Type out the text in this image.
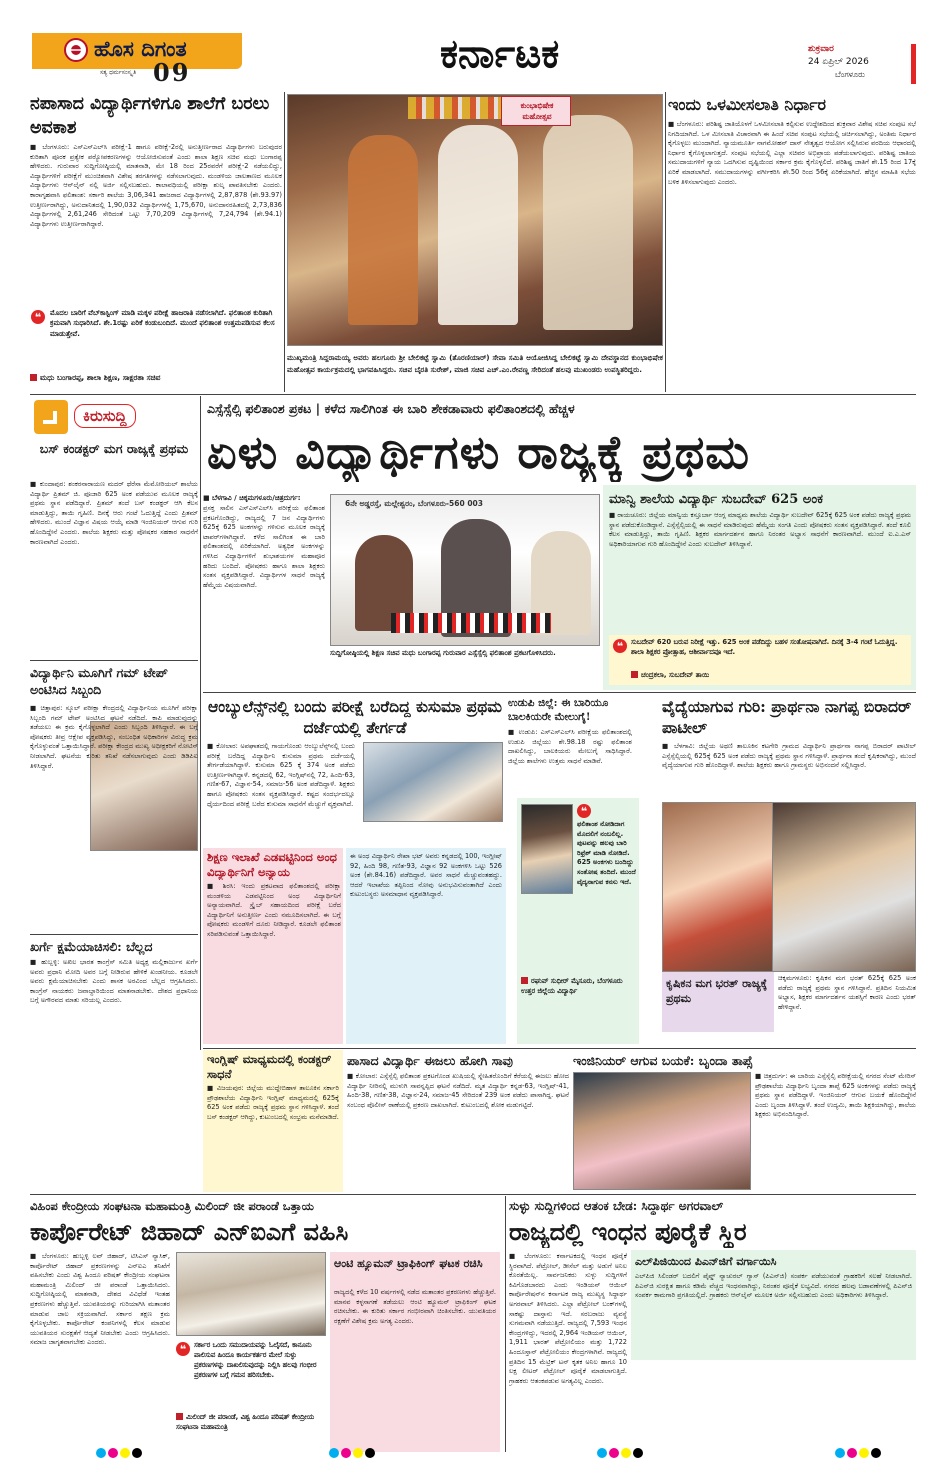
ಹೊಸ ದಿಗಂತ
ಸತ್ಯ ಧರ್ಮಸಂಸ್ಕೃತಿ 09	ಕರ್ನಾಟಕ	ಶುಕ್ರವಾರ
24 ಏಪ್ರಿಲ್ 2026
ಬೆಂಗಳೂರು
ನಪಾಸಾದ ವಿದ್ಯಾರ್ಥಿಗಳಿಗೂ ಶಾಲೆಗೆ ಬರಲು ಅವಕಾಶ
■ ಬೆಂಗಳೂರು: ಎಸ್ಎಸ್ಎಲ್‌ಸಿ ಪರೀಕ್ಷೆ-1 ಹಾಗೂ ಪರೀಕ್ಷೆ-2ರಲ್ಲಿ ಅನುತ್ತೀರ್ಣರಾದ ವಿದ್ಯಾರ್ಥಿಗಳು ಬರುವುದರ ಕುರಿತಾಗಿ ಪೂರಕ ಪ್ರತ್ಯೇಕ ಪಠ್ಯೋಪಕರಣಗಳನ್ನು ಆಯೋಜಿಸುವಂತೆ ಎಂದು ಶಾಲಾ ಶಿಕ್ಷಣ ಸಚಿವ ಮಧು ಬಂಗಾರಪ್ಪ ಹೇಳಿದರು. ಗುರುವಾರ ಸುದ್ದಿಗೋಷ್ಠಿಯಲ್ಲಿ ಮಾತನಾಡಿ, ಮೇ 18 ರಿಂದ 25ರವರೆಗೆ ಪರೀಕ್ಷೆ-2 ನಡೆಯಲಿದ್ದು, ವಿದ್ಯಾರ್ಥಿಗಳಿಗೆ ಪರೀಕ್ಷೆಗೆ ಮುಂಚಿತವಾಗಿ ವಿಶೇಷ ತರಗತಿಗಳನ್ನು ನಡೆಸಲಾಗುವುದು. ಮಂಡಳಿಯ ಜಾಲತಾಣದ ಮೂಲಕ ವಿದ್ಯಾರ್ಥಿಗಳು ಆನ್‌ಲೈನ್ ನಲ್ಲಿ ಅರ್ಜಿ ಸಲ್ಲಿಸಬಹುದು. ಕಾಲಾವಧಿಯಲ್ಲಿ ಪರೀಕ್ಷಾ ಶುಲ್ಕ ಪಾವತಿಸಬೇಕು ಎಂದರು. ಕಾರಾಗೃಹವಾಸಿ ಫಲಿತಾಂಶ: ಸರ್ಕಾರಿ ಶಾಲೆಯ 3,06,341 ಹಾಜರಾದ ವಿದ್ಯಾರ್ಥಿಗಳಲ್ಲಿ 2,87,878 (ಶೇ.93.97) ಉತ್ತೀರ್ಣರಾಗಿದ್ದು, ಅನುದಾನಿತದಲ್ಲಿ 1,90,032 ವಿದ್ಯಾರ್ಥಿಗಳಲ್ಲಿ 1,75,670, ಅನುದಾನರಹಿತದಲ್ಲಿ 2,73,836 ವಿದ್ಯಾರ್ಥಿಗಳಲ್ಲಿ 2,61,246 ಸೇರಿದಂತೆ ಒಟ್ಟು 7,70,209 ವಿದ್ಯಾರ್ಥಿಗಳಲ್ಲಿ 7,24,794 (ಶೇ.94.1) ವಿದ್ಯಾರ್ಥಿಗಳು ಉತ್ತೀರ್ಣರಾಗಿದ್ದಾರೆ.
❝	ಮೊದಲ ಬಾರಿಗೆ ವೆಬ್‌ಕಾಸ್ಟಿಂಗ್ ಮಾಡಿ ಮಕ್ಕಳ ಪರೀಕ್ಷೆ ಹಾಜರಾತಿ ನಡೆಸಲಾಗಿದೆ. ಫಲಿತಾಂಶ ಕುರಿತಾಗಿ ಕ್ರಮವಾಗಿ ಸುಧಾರಿಸಿದೆ. ಶೇ.1ರಷ್ಟು ಏರಿಕೆ ಕಂಡುಬಂದಿದೆ. ಮುಂದೆ ಫಲಿತಾಂಶ ಉತ್ತಮಪಡಿಸುವ ಕೆಲಸ ಮಾಡುತ್ತೇವೆ.
ಮಧು ಬಂಗಾರಪ್ಪ, ಶಾಲಾ ಶಿಕ್ಷಣ, ಸಾಕ್ಷರತಾ ಸಚಿವ
ಕುಂಭಾಭಿಷೇಕ ಮಹೋತ್ಸವ
ಮುಖ್ಯಮಂತ್ರಿ ಸಿದ್ದರಾಮಯ್ಯ ಅವರು ಹಲಗೂರು ಶ್ರೀ ಬೇಲಿಕಟ್ಟೆ ಸ್ವಾಮಿ (ತೊರಣಿಯಾರ್) ಸೇವಾ ಸಮಿತಿ ಆಯೋಜಿಸಿದ್ದ ಬೇಲಿಕಟ್ಟೆ ಸ್ವಾಮಿ ದೇವಸ್ಥಾನದ ಕುಂಭಾಭಿಷೇಕ ಮಹೋತ್ಸವ ಕಾರ್ಯಕ್ರಮದಲ್ಲಿ ಭಾಗವಹಿಸಿದ್ದರು. ಸಚಿವ ಬೈರತಿ ಸುರೇಶ್, ಮಾಜಿ ಸಚಿವ ಎಚ್.ಎಂ.ರೇವಣ್ಣ ಸೇರಿದಂತೆ ಹಲವು ಮುಖಂಡರು ಉಪಸ್ಥಿತರಿದ್ದರು.
ಇಂದು ಒಳಮೀಸಲಾತಿ ನಿರ್ಧಾರ
■ ಬೆಂಗಳೂರು: ಪರಿಶಿಷ್ಟ ಜಾತಿಯೊಳಗೆ ಒಳಮೀಸಲಾತಿ ಕಲ್ಪಿಸುವ ಉದ್ದೇಶದಿಂದ ಶುಕ್ರವಾರ ವಿಶೇಷ ಸಚಿವ ಸಂಪುಟ ಸಭೆ ನಿಗದಿಯಾಗಿದೆ. ಒಳ ಮೀಸಲಾತಿ ವಿಚಾರವಾಗಿ ಈ ಹಿಂದೆ ಸಚಿವ ಸಂಪುಟ ಸಭೆಯಲ್ಲಿ ಚರ್ಚಿಸಲಾಗಿದ್ದು, ಅಂತಿಮ ನಿರ್ಧಾರ ಕೈಗೊಳ್ಳಲು ಮುಂದಾಗಿದೆ. ನ್ಯಾಯಮೂರ್ತಿ ನಾಗಮೋಹನ್ ದಾಸ್ ನೇತೃತ್ವದ ಆಯೋಗ ಸಲ್ಲಿಸಿರುವ ವರದಿಯ ಆಧಾರದಲ್ಲಿ ನಿರ್ಧಾರ ಕೈಗೊಳ್ಳಲಾಗುತ್ತದೆ. ಸಂಪುಟ ಸಭೆಯಲ್ಲಿ ಎಲ್ಲಾ ಸಚಿವರ ಅಭಿಪ್ರಾಯ ಪಡೆಯಲಾಗುವುದು. ಪರಿಶಿಷ್ಟ ಜಾತಿಯ ಸಮುದಾಯಗಳಿಗೆ ನ್ಯಾಯ ಒದಗಿಸುವ ದೃಷ್ಟಿಯಿಂದ ಸರ್ಕಾರ ಕ್ರಮ ಕೈಗೊಳ್ಳಲಿದೆ. ಪರಿಶಿಷ್ಟ ಜಾತಿಗೆ ಶೇ.15 ರಿಂದ 17ಕ್ಕೆ ಏರಿಕೆ ಮಾಡಲಾಗಿದೆ. ಸಮುದಾಯಗಳನ್ನು ವರ್ಗೀಕರಿಸಿ ಶೇ.50 ರಿಂದ 56ಕ್ಕೆ ಏರಿಕೆಯಾಗಿದೆ. ಹೆಚ್ಚಿನ ಮಾಹಿತಿ ಸಭೆಯ ಬಳಿಕ ತಿಳಿಸಲಾಗುವುದು ಎಂದರು.
ಕಿರುಸುದ್ದಿ
ಬಸ್ ಕಂಡಕ್ಟರ್ ಮಗ ರಾಜ್ಯಕ್ಕೆ ಪ್ರಥಮ
■ ಕುಂದಾಪುರ: ಶಂಕರನಾರಾಯಣ ಮದರ್ ಥೆರೆಸಾ ಮೆಮೋರಿಯಲ್ ಶಾಲೆಯ ವಿದ್ಯಾರ್ಥಿ ಪ್ರಿತಮ್ ಜಿ. ಪೂಜಾರಿ 625 ಅಂಕ ಪಡೆಯುವ ಮೂಲಕ ರಾಜ್ಯಕ್ಕೆ ಪ್ರಥಮ ಸ್ಥಾನ ಪಡೆದಿದ್ದಾರೆ. ಪ್ರಿತಮ್ ತಂದೆ ಬಸ್ ಕಂಡಕ್ಟರ್ ಆಗಿ ಕೆಲಸ ಮಾಡುತ್ತಿದ್ದು, ತಾಯಿ ಗೃಹಿಣಿ. ದಿನಕ್ಕೆ ಆರು ಗಂಟೆ ಓದುತ್ತಿದ್ದೆ ಎಂದು ಪ್ರಿತಮ್ ಹೇಳಿದರು. ಮುಂದೆ ವಿಜ್ಞಾನ ವಿಷಯ ಆಯ್ಕೆ ಮಾಡಿ ಇಂಜಿನಿಯರ್ ಆಗುವ ಗುರಿ ಹೊಂದಿದ್ದೇನೆ ಎಂದರು. ಶಾಲೆಯ ಶಿಕ್ಷಕರು ಮತ್ತು ಪೋಷಕರ ಸಹಕಾರ ಸಾಧನೆಗೆ ಕಾರಣವಾಗಿದೆ ಎಂದರು.
ವಿದ್ಯಾರ್ಥಿನಿ ಮೂಗಿಗೆ ಗಮ್ ಟೇಪ್ ಅಂಟಿಸಿದ ಸಿಬ್ಬಂದಿ
■ ಚಿತ್ತಾಪುರ: ಸ್ಕೂಲ್ ಪರೀಕ್ಷಾ ಕೇಂದ್ರದಲ್ಲಿ ವಿದ್ಯಾರ್ಥಿನಿಯ ಮೂಗಿಗೆ ಪರೀಕ್ಷಾ ಸಿಬ್ಬಂದಿ ಗಮ್ ಟೇಪ್ ಅಂಟಿಸಿದ ಘಟನೆ ನಡೆದಿದೆ. ಕಾಪಿ ಮಾಡುವುದನ್ನು ತಡೆಯಲು ಈ ಕ್ರಮ ಕೈಗೊಳ್ಳಲಾಗಿದೆ ಎಂದು ಸಿಬ್ಬಂದಿ ತಿಳಿಸಿದ್ದಾರೆ. ಈ ಬಗ್ಗೆ ಪೋಷಕರು ತೀವ್ರ ಆಕ್ಷೇಪ ವ್ಯಕ್ತಪಡಿಸಿದ್ದು, ಸಂಬಂಧಿತ ಅಧಿಕಾರಿಗಳ ವಿರುದ್ಧ ಕ್ರಮ ಕೈಗೊಳ್ಳುವಂತೆ ಒತ್ತಾಯಿಸಿದ್ದಾರೆ. ಪರೀಕ್ಷಾ ಕೇಂದ್ರದ ಮುಖ್ಯ ಅಧೀಕ್ಷಕರಿಗೆ ನೋಟಿಸ್ ನೀಡಲಾಗಿದೆ. ಘಟನೆಯ ಕುರಿತು ತನಿಖೆ ನಡೆಸಲಾಗುವುದು ಎಂದು ಡಿಡಿಪಿಐ ತಿಳಿಸಿದ್ದಾರೆ.
ಖರ್ಗೆ ಕ್ಷಮೆಯಾಚಿಸಲಿ: ಬೆಲ್ಲದ
■ ಹುಬ್ಬಳ್ಳಿ: ಅಖಿಲ ಭಾರತ ಕಾಂಗ್ರೆಸ್ ಸಮಿತಿ ಅಧ್ಯಕ್ಷ ಮಲ್ಲಿಕಾರ್ಜುನ ಖರ್ಗೆ ಅವರು ಪ್ರಧಾನಿ ಮೋದಿ ಅವರ ಬಗ್ಗೆ ನೀಡಿರುವ ಹೇಳಿಕೆ ಖಂಡನೀಯ. ಕೂಡಲೇ ಅವರು ಕ್ಷಮೆಯಾಚಿಸಬೇಕು ಎಂದು ಶಾಸಕ ಅರವಿಂದ ಬೆಲ್ಲದ ಆಗ್ರಹಿಸಿದರು. ಕಾಂಗ್ರೆಸ್ ನಾಯಕರು ಜವಾಬ್ದಾರಿಯಿಂದ ಮಾತನಾಡಬೇಕು. ದೇಶದ ಪ್ರಧಾನಿಯ ಬಗ್ಗೆ ಅಗೌರವದ ಮಾತು ಸರಿಯಲ್ಲ ಎಂದರು.
ಎಸ್ಸೆಸ್ಸೆಲ್ಸಿ ಫಲಿತಾಂಶ ಪ್ರಕಟ | ಕಳೆದ ಸಾಲಿಗಿಂತ ಈ ಬಾರಿ ಶೇಕಡಾವಾರು ಫಲಿತಾಂಶದಲ್ಲಿ ಹೆಚ್ಚಳ
ಏಳು ವಿದ್ಯಾರ್ಥಿಗಳು ರಾಜ್ಯಕ್ಕೆ ಪ್ರಥಮ
■ ಬೆಳಗಾವಿ / ಚಿಕ್ಕಮಗಳೂರು/ಚಿತ್ರದುರ್ಗ:
ಪ್ರಸಕ್ತ ಸಾಲಿನ ಎಸ್ಎಸ್ಎಲ್‌ಸಿ ಪರೀಕ್ಷೆಯ ಫಲಿತಾಂಶ ಪ್ರಕಟಗೊಂಡಿದ್ದು, ರಾಜ್ಯದಲ್ಲಿ 7 ಜನ ವಿದ್ಯಾರ್ಥಿಗಳು 625ಕ್ಕೆ 625 ಅಂಕಗಳನ್ನು ಗಳಿಸುವ ಮೂಲಕ ರಾಜ್ಯಕ್ಕೆ ಟಾಪರ್‌ಗಳಾಗಿದ್ದಾರೆ. ಕಳೆದ ಸಾಲಿಗಿಂತ ಈ ಬಾರಿ ಫಲಿತಾಂಶದಲ್ಲಿ ಏರಿಕೆಯಾಗಿದೆ. ಅತ್ಯಧಿಕ ಅಂಕಗಳನ್ನು ಗಳಿಸಿದ ವಿದ್ಯಾರ್ಥಿಗಳಿಗೆ ಶುಭಾಶಯಗಳ ಮಹಾಪೂರ ಹರಿದು ಬಂದಿದೆ. ಪೋಷಕರು ಹಾಗೂ ಶಾಲಾ ಶಿಕ್ಷಕರು ಸಂತಸ ವ್ಯಕ್ತಪಡಿಸಿದ್ದಾರೆ. ವಿದ್ಯಾರ್ಥಿಗಳ ಸಾಧನೆ ರಾಜ್ಯಕ್ಕೆ ಹೆಮ್ಮೆಯ ವಿಷಯವಾಗಿದೆ.
6ನೇ ಅಡ್ಡರಸ್ತೆ, ಮಲ್ಲೇಶ್ವರಂ, ಬೆಂಗಳೂರು-560 003
ಸುದ್ದಿಗೋಷ್ಠಿಯಲ್ಲಿ ಶಿಕ್ಷಣ ಸಚಿವ ಮಧು ಬಂಗಾರಪ್ಪ ಗುರುವಾರ ಎಸ್ಸೆಸ್ಸೆಲ್ಸಿ ಫಲಿತಾಂಶ ಪ್ರಕಟಗೊಳಿಸಿದರು.
ಮಾನ್ವಿ ಶಾಲೆಯ ವಿದ್ಯಾರ್ಥಿ ಸುಬದೇವ್ 625 ಅಂಕ
■ ರಾಯಚೂರು: ಜಿಲ್ಲೆಯ ಮಾನ್ವಿಯ ಕಸ್ತೂರ್ಬಾ ಆಂಗ್ಲ ಮಾಧ್ಯಮ ಶಾಲೆಯ ವಿದ್ಯಾರ್ಥಿ ಸುಬದೇವ್ 625ಕ್ಕೆ 625 ಅಂಕ ಪಡೆದು ರಾಜ್ಯಕ್ಕೆ ಪ್ರಥಮ ಸ್ಥಾನ ಪಡೆದುಕೊಂಡಿದ್ದಾನೆ. ಎಸ್ಸೆಸ್ಸೆಲ್ಸಿಯಲ್ಲಿ ಈ ಸಾಧನೆ ಮಾಡಿರುವುದು ಹೆಮ್ಮೆಯ ಸಂಗತಿ ಎಂದು ಪೋಷಕರು ಸಂತಸ ವ್ಯಕ್ತಪಡಿಸಿದ್ದಾರೆ. ತಂದೆ ಕೂಲಿ ಕೆಲಸ ಮಾಡುತ್ತಿದ್ದು, ತಾಯಿ ಗೃಹಿಣಿ. ಶಿಕ್ಷಕರ ಮಾರ್ಗದರ್ಶನ ಹಾಗೂ ನಿರಂತರ ಅಭ್ಯಾಸ ಸಾಧನೆಗೆ ಕಾರಣವಾಗಿದೆ. ಮುಂದೆ ಐ.ಎ.ಎಸ್ ಅಧಿಕಾರಿಯಾಗುವ ಗುರಿ ಹೊಂದಿದ್ದೇನೆ ಎಂದು ಸುಬದೇವ್ ತಿಳಿಸಿದ್ದಾನೆ.
❝	ಸುಬದೇವ್ 620 ಬರುವ ನಿರೀಕ್ಷೆ ಇತ್ತು. 625 ಅಂಕ ಪಡೆದಿದ್ದು ಬಹಳ ಸಂತೋಷವಾಗಿದೆ. ದಿನಕ್ಕೆ 3-4 ಗಂಟೆ ಓದುತ್ತಿದ್ದ. ಶಾಲಾ ಶಿಕ್ಷಕರ ಪ್ರೋತ್ಸಾಹ, ಆಶೀರ್ವಾದವೂ ಇದೆ.
ಚಂದ್ರಕಲಾ, ಸುಬದೇವ್ ತಾಯಿ
ಆಂಬ್ಯುಲೆನ್ಸ್‌ನಲ್ಲಿ ಬಂದು ಪರೀಕ್ಷೆ ಬರೆದಿದ್ದ ಕುಸುಮಾ ಪ್ರಥಮ ದರ್ಜೆಯಲ್ಲಿ ತೇರ್ಗಡೆ
■ ಕೋಲಾರ: ಅಪಘಾತದಲ್ಲಿ ಗಾಯಗೊಂಡು ಆಂಬ್ಯುಲೆನ್ಸ್‌ನಲ್ಲಿ ಬಂದು ಪರೀಕ್ಷೆ ಬರೆದಿದ್ದ ವಿದ್ಯಾರ್ಥಿನಿ ಕುಸುಮಾ ಪ್ರಥಮ ದರ್ಜೆಯಲ್ಲಿ ತೇರ್ಗಡೆಯಾಗಿದ್ದಾಳೆ. ಕುಸುಮಾ 625 ಕ್ಕೆ 374 ಅಂಕ ಪಡೆದು ಉತ್ತೀರ್ಣಳಾಗಿದ್ದಾಳೆ. ಕನ್ನಡದಲ್ಲಿ 62, ಇಂಗ್ಲಿಷ್‌ನಲ್ಲಿ 72, ಹಿಂದಿ-63, ಗಣಿತ-67, ವಿಜ್ಞಾನ-54, ಸಮಾಜ-56 ಅಂಕ ಪಡೆದಿದ್ದಾಳೆ. ಶಿಕ್ಷಕರು ಹಾಗೂ ಪೋಷಕರು ಸಂತಸ ವ್ಯಕ್ತಪಡಿಸಿದ್ದಾರೆ. ಕಷ್ಟದ ಸಂದರ್ಭದಲ್ಲೂ ಧೈರ್ಯದಿಂದ ಪರೀಕ್ಷೆ ಬರೆದ ಕುಸುಮಾ ಸಾಧನೆಗೆ ಮೆಚ್ಚುಗೆ ವ್ಯಕ್ತವಾಗಿದೆ.
ಉಡುಪಿ ಜಿಲ್ಲೆ: ಈ ಬಾರಿಯೂ ಬಾಲಕಿಯರೇ ಮೇಲುಗೈ!
■ ಉಡುಪಿ: ಎಸ್ಎಸ್ಎಲ್‌ಸಿ ಪರೀಕ್ಷೆಯ ಫಲಿತಾಂಶದಲ್ಲಿ ಉಡುಪಿ ಜಿಲ್ಲೆಯು ಶೇ.98.18 ರಷ್ಟು ಫಲಿತಾಂಶ ದಾಖಲಿಸಿದ್ದು, ಬಾಲಕಿಯರು ಮೇಲುಗೈ ಸಾಧಿಸಿದ್ದಾರೆ. ಜಿಲ್ಲೆಯ ಶಾಲೆಗಳು ಉತ್ತಮ ಸಾಧನೆ ಮಾಡಿವೆ.
❝
ಫಲಿತಾಂಶ ನೋಡಿದಾಗ ಮೊದಲಿಗೆ ನಂಬಲಿಲ್ಲ. ಪುಟವನ್ನು ಹಲವು ಬಾರಿ ರಿಫ್ರೆಶ್ ಮಾಡಿ ನೋಡಿದೆ. 625 ಅಂಕಗಳು ಬಂದಿದ್ದು ಸಂತೋಷ ತಂದಿದೆ. ಮುಂದೆ ವೈದ್ಯನಾಗುವ ಕನಸು ಇದೆ.
ರಘುವ್ ಸುಧೀರ್ ಮೈಸೂರು, ಬೆಂಗಳೂರು ಉತ್ತರ ಜಿಲ್ಲೆಯ ವಿದ್ಯಾರ್ಥಿ
ವೈದ್ಯೆಯಾಗುವ ಗುರಿ: ಪ್ರಾರ್ಥನಾ ನಾಗಪ್ಪ ಬಿರಾದರ್ ಪಾಟೀಲ್
■ ಬೆಳಗಾವಿ: ಜಿಲ್ಲೆಯ ಅಥಣಿ ತಾಲೂಕಿನ ಕಟಗೇರಿ ಗ್ರಾಮದ ವಿದ್ಯಾರ್ಥಿನಿ ಪ್ರಾರ್ಥನಾ ನಾಗಪ್ಪ ಬಿರಾದರ್ ಪಾಟೀಲ್ ಎಸ್ಸೆಸ್ಸೆಲ್ಸಿಯಲ್ಲಿ 625ಕ್ಕೆ 625 ಅಂಕ ಪಡೆದು ರಾಜ್ಯಕ್ಕೆ ಪ್ರಥಮ ಸ್ಥಾನ ಗಳಿಸಿದ್ದಾಳೆ. ಪ್ರಾರ್ಥನಾ ತಂದೆ ಕೃಷಿಕರಾಗಿದ್ದು, ಮುಂದೆ ವೈದ್ಯೆಯಾಗುವ ಗುರಿ ಹೊಂದಿದ್ದಾಳೆ. ಶಾಲೆಯ ಶಿಕ್ಷಕರು ಹಾಗೂ ಗ್ರಾಮಸ್ಥರು ಅಭಿನಂದನೆ ಸಲ್ಲಿಸಿದ್ದಾರೆ.
ಶಿಕ್ಷಣ ಇಲಾಖೆ ಎಡವಟ್ಟಿನಿಂದ ಅಂಧ ವಿದ್ಯಾರ್ಥಿನಿಗೆ ಅನ್ಯಾಯ
■ ಶಿರಸಿ: ಇಂದು ಪ್ರಕಟವಾದ ಫಲಿತಾಂಶದಲ್ಲಿ ಪರೀಕ್ಷಾ ಮಂಡಳಿಯ ಎಡವಟ್ಟಿನಿಂದ ಅಂಧ ವಿದ್ಯಾರ್ಥಿನಿಗೆ ಅನ್ಯಾಯವಾಗಿದೆ. ಸ್ಕ್ರೈಬ್ ಸಹಾಯದಿಂದ ಪರೀಕ್ಷೆ ಬರೆದ ವಿದ್ಯಾರ್ಥಿನಿಗೆ ಅನುತ್ತೀರ್ಣ ಎಂದು ನಮೂದಿಸಲಾಗಿದೆ. ಈ ಬಗ್ಗೆ ಪೋಷಕರು ಮಂಡಳಿಗೆ ದೂರು ನೀಡಿದ್ದಾರೆ. ಕೂಡಲೇ ಫಲಿತಾಂಶ ಸರಿಪಡಿಸುವಂತೆ ಒತ್ತಾಯಿಸಿದ್ದಾರೆ.
ಈ ಅಂಧ ವಿದ್ಯಾರ್ಥಿನಿ ರೇಖಾ ಭಟ್ ಅವರು ಕನ್ನಡದಲ್ಲಿ 100, ಇಂಗ್ಲೀಷ್ 92, ಹಿಂದಿ 98, ಗಣಿತ-93, ವಿಜ್ಞಾನ 92 ಅಂಕಗಳಿಸಿ ಒಟ್ಟು 526 ಅಂಕ (ಶೇ.84.16) ಪಡೆದಿದ್ದಾರೆ. ಅವರ ಸಾಧನೆ ಮೆಚ್ಚುವಂತಹದ್ದು. ಆದರೆ ಇಲಾಖೆಯ ತಪ್ಪಿನಿಂದ ನೋವು ಅನುಭವಿಸುವಂತಾಗಿದೆ ಎಂದು ಕುಟುಂಬಸ್ಥರು ಅಸಮಾಧಾನ ವ್ಯಕ್ತಪಡಿಸಿದ್ದಾರೆ.
ಕೃಷಿಕನ ಮಗ ಭರತ್ ರಾಜ್ಯಕ್ಕೆ ಪ್ರಥಮ
ಚಿಕ್ಕಮಗಳೂರು: ಕೃಷಿಕನ ಮಗ ಭರತ್ 625ಕ್ಕೆ 625 ಅಂಕ ಪಡೆದು ರಾಜ್ಯಕ್ಕೆ ಪ್ರಥಮ ಸ್ಥಾನ ಗಳಿಸಿದ್ದಾನೆ. ಪ್ರತಿದಿನ ನಿಯಮಿತ ಅಭ್ಯಾಸ, ಶಿಕ್ಷಕರ ಮಾರ್ಗದರ್ಶನ ಯಶಸ್ಸಿಗೆ ಕಾರಣ ಎಂದು ಭರತ್ ಹೇಳಿದ್ದಾನೆ.
ಇಂಗ್ಲಿಷ್ ಮಾಧ್ಯಮದಲ್ಲಿ ಕಂಡಕ್ಟರ್ ಸಾಧನೆ
■ ವಿಜಯಪುರ: ಜಿಲ್ಲೆಯ ಮುದ್ದೇಬಿಹಾಳ ತಾಲೂಕಿನ ಸರ್ಕಾರಿ ಪ್ರೌಢಶಾಲೆಯ ವಿದ್ಯಾರ್ಥಿನಿ ಇಂಗ್ಲಿಷ್ ಮಾಧ್ಯಮದಲ್ಲಿ 625ಕ್ಕೆ 625 ಅಂಕ ಪಡೆದು ರಾಜ್ಯಕ್ಕೆ ಪ್ರಥಮ ಸ್ಥಾನ ಗಳಿಸಿದ್ದಾಳೆ. ತಂದೆ ಬಸ್ ಕಂಡಕ್ಟರ್ ಆಗಿದ್ದು, ಕುಟುಂಬದಲ್ಲಿ ಸಂಭ್ರಮ ಮನೆಮಾಡಿದೆ.
ಪಾಸಾದ ವಿದ್ಯಾರ್ಥಿ ಈಜಲು ಹೋಗಿ ಸಾವು
■ ಕೋಲಾರ: ಎಸ್ಸೆಸ್ಸೆಲ್ಸಿ ಫಲಿತಾಂಶ ಪ್ರಕಟಗೊಂಡ ಖುಷಿಯಲ್ಲಿ ಸ್ನೇಹಿತರೊಂದಿಗೆ ಕೆರೆಯಲ್ಲಿ ಈಜಲು ಹೋದ ವಿದ್ಯಾರ್ಥಿ ನೀರಿನಲ್ಲಿ ಮುಳುಗಿ ಸಾವನ್ನಪ್ಪಿದ ಘಟನೆ ನಡೆದಿದೆ. ಮೃತ ವಿದ್ಯಾರ್ಥಿ ಕನ್ನಡ-63, ಇಂಗ್ಲಿಷ್-41, ಹಿಂದಿ-38, ಗಣಿತ-38, ವಿಜ್ಞಾನ-24, ಸಮಾಜ-45 ಸೇರಿದಂತೆ 239 ಅಂಕ ಪಡೆದು ಪಾಸಾಗಿದ್ದ. ಘಟನೆ ಸಂಬಂಧ ಪೊಲೀಸ್ ಠಾಣೆಯಲ್ಲಿ ಪ್ರಕರಣ ದಾಖಲಾಗಿದೆ. ಕುಟುಂಬದಲ್ಲಿ ಶೋಕ ಮಡುಗಟ್ಟಿದೆ.
ಇಂಜಿನಿಯರ್ ಆಗುವ ಬಯಕೆ: ಬೃಂದಾ ತಾಪ್ಸೆ
■ ಚಿತ್ರದುರ್ಗ: ಈ ಬಾರಿಯ ಎಸ್ಸೆಸ್ಸೆಲ್ಸಿ ಪರೀಕ್ಷೆಯಲ್ಲಿ ನಗರದ ಸೆಂಟ್ ಮೇರಿಸ್ ಪ್ರೌಢಶಾಲೆಯ ವಿದ್ಯಾರ್ಥಿನಿ ಬೃಂದಾ ತಾಪ್ಸೆ 625 ಅಂಕಗಳನ್ನು ಪಡೆದು ರಾಜ್ಯಕ್ಕೆ ಪ್ರಥಮ ಸ್ಥಾನ ಪಡೆದಿದ್ದಾಳೆ. ಇಂಜಿನಿಯರ್ ಆಗುವ ಬಯಕೆ ಹೊಂದಿದ್ದೇನೆ ಎಂದು ಬೃಂದಾ ತಿಳಿಸಿದ್ದಾಳೆ. ತಂದೆ ಉದ್ಯಮಿ, ತಾಯಿ ಶಿಕ್ಷಕಿಯಾಗಿದ್ದು, ಶಾಲೆಯ ಶಿಕ್ಷಕರು ಅಭಿನಂದಿಸಿದ್ದಾರೆ.
ವಿಹಿಂಪ ಕೇಂದ್ರೀಯ ಸಂಘಟನಾ ಮಹಾಮಂತ್ರಿ ಮಿಲಿಂದ್ ಜೀ ಪರಾಂಡೆ ಒತ್ತಾಯ
ಕಾರ್ಪೊರೇಟ್ ಜಿಹಾದ್ ಎನ್ಐಎಗೆ ವಹಿಸಿ
■ ಬೆಂಗಳೂರು: ಹುಬ್ಬಳ್ಳಿ ಲವ್ ಜಿಹಾದ್, ಟಿಸಿಎಸ್ ನ್ಯಾಸಿಕ್, ಕಾರ್ಪೊರೇಟ್ ಜಿಹಾದ್ ಪ್ರಕರಣಗಳನ್ನು ಎನ್ಐಎ ತನಿಖೆಗೆ ವಹಿಸಬೇಕು ಎಂದು ವಿಶ್ವ ಹಿಂದೂ ಪರಿಷತ್ ಕೇಂದ್ರೀಯ ಸಂಘಟನಾ ಮಹಾಮಂತ್ರಿ ಮಿಲಿಂದ್ ಜೀ ಪರಾಂಡೆ ಒತ್ತಾಯಿಸಿದರು. ಸುದ್ದಿಗೋಷ್ಠಿಯಲ್ಲಿ ಮಾತನಾಡಿ, ದೇಶದ ವಿವಿಧೆಡೆ ಇಂತಹ ಪ್ರಕರಣಗಳು ಹೆಚ್ಚುತ್ತಿವೆ. ಯುವತಿಯರನ್ನು ಗುರಿಯಾಗಿಸಿ ಮತಾಂತರ ಮಾಡುವ ಜಾಲ ಸಕ್ರಿಯವಾಗಿದೆ. ಸರ್ಕಾರ ತಕ್ಷಣ ಕ್ರಮ ಕೈಗೊಳ್ಳಬೇಕು. ಕಾರ್ಪೊರೇಟ್ ಕಂಪನಿಗಳಲ್ಲಿ ಕೆಲಸ ಮಾಡುವ ಯುವತಿಯರ ಸುರಕ್ಷತೆಗೆ ಆದ್ಯತೆ ನೀಡಬೇಕು ಎಂದು ಆಗ್ರಹಿಸಿದರು. ಸಮಾಜ ಜಾಗೃತವಾಗಬೇಕು ಎಂದರು.
❝	ಸರ್ಕಾರ ಒಂದು ಸಮುದಾಯವನ್ನು ಓಲೈಸದೆ, ಕಾನೂನು ಪಾಲಿಸುವ ಹಿಂದೂ ಕಾರ್ಯಕರ್ತರ ಮೇಲೆ ಸುಳ್ಳು ಪ್ರಕರಣಗಳನ್ನು ದಾಖಲಿಸುವುದನ್ನು ನಿಲ್ಲಿಸಿ ಹಲವು ಗಂಭೀರ ಪ್ರಕರಣಗಳ ಬಗ್ಗೆ ಗಮನ ಹರಿಸಬೇಕು.
ಮಿಲಿಂದ್ ಜೀ ಪರಾಂಡೆ, ವಿಶ್ವ ಹಿಂದೂ ಪರಿಷತ್ ಕೇಂದ್ರೀಯ ಸಂಘಟನಾ ಮಹಾಮಂತ್ರಿ
ಆಂಟಿ ಹ್ಯೂಮನ್ ಟ್ರಾಫಿಕಿಂಗ್ ಘಟಕ ರಚಿಸಿ
ರಾಜ್ಯದಲ್ಲಿ ಕಳೆದ 10 ವರ್ಷಗಳಲ್ಲಿ ನಡೆದ ಮತಾಂತರ ಪ್ರಕರಣಗಳು ಹೆಚ್ಚುತ್ತಿವೆ. ಮಾನವ ಕಳ್ಳಸಾಗಣೆ ತಡೆಯಲು ಆಂಟಿ ಹ್ಯೂಮನ್ ಟ್ರಾಫಿಕಿಂಗ್ ಘಟಕ ರಚಿಸಬೇಕು. ಈ ಕುರಿತು ಸರ್ಕಾರ ಗಂಭೀರವಾಗಿ ಚಿಂತಿಸಬೇಕು. ಯುವತಿಯರ ರಕ್ಷಣೆಗೆ ವಿಶೇಷ ಕ್ರಮ ಅಗತ್ಯ ಎಂದರು.
ಸುಳ್ಳು ಸುದ್ದಿಗಳಿಂದ ಆತಂಕ ಬೇಡ: ಸಿದ್ಧಾರ್ಥ ಅಗರವಾಲ್
ರಾಜ್ಯದಲ್ಲಿ ಇಂಧನ ಪೂರೈಕೆ ಸ್ಥಿರ
■ ಬೆಂಗಳೂರು: ಕರ್ನಾಟಕದಲ್ಲಿ ಇಂಧನ ಪೂರೈಕೆ ಸ್ಥಿರವಾಗಿದೆ. ಪೆಟ್ರೋಲ್, ಡೀಸೆಲ್ ಮತ್ತು ಅಡುಗೆ ಅನಿಲ ಕೊರತೆಯಿಲ್ಲ. ಸಾರ್ವಜನಿಕರು ಸುಳ್ಳು ಸುದ್ದಿಗಳಿಗೆ ಕಿವಿಗೊಡಬಾರದು ಎಂದು ಇಂಡಿಯನ್ ಆಯಿಲ್ ಕಾರ್ಪೊರೇಷನ್‌ನ ಕರ್ನಾಟಕ ರಾಜ್ಯ ಮುಖ್ಯಸ್ಥ ಸಿದ್ಧಾರ್ಥ ಅಗರವಾಲ್ ತಿಳಿಸಿದರು. ಎಲ್ಲಾ ಪೆಟ್ರೋಲ್ ಬಂಕ್‌ಗಳಲ್ಲಿ ಸಾಕಷ್ಟು ದಾಸ್ತಾನು ಇದೆ. ಸರಬರಾಜು ವ್ಯವಸ್ಥೆ ಸುಗಮವಾಗಿ ನಡೆಯುತ್ತಿದೆ. ರಾಜ್ಯದಲ್ಲಿ 7,593 ಇಂಧನ ಕೇಂದ್ರಗಳಿದ್ದು, ಇದರಲ್ಲಿ 2,964 ಇಂಡಿಯನ್ ಆಯಿಲ್, 1,911 ಭಾರತ್ ಪೆಟ್ರೋಲಿಯಂ ಮತ್ತು 1,722 ಹಿಂದೂಸ್ತಾನ್ ಪೆಟ್ರೋಲಿಯಂ ಕೇಂದ್ರಗಳಾಗಿವೆ. ರಾಜ್ಯದಲ್ಲಿ ಪ್ರತಿದಿನ 15 ಮೆಟ್ರಿಕ್ ಟನ್ ಕೃತಕ ಅನಿಲ ಹಾಗೂ 10 ಲಕ್ಷ ಲೀಟರ್ ಪೆಟ್ರೋಲ್ ಪೂರೈಕೆ ಮಾಡಲಾಗುತ್ತಿದೆ. ಗ್ರಾಹಕರು ಆತಂಕಪಡುವ ಅಗತ್ಯವಿಲ್ಲ ಎಂದರು.
ಎಲ್‌ಪಿಜಿಯಿಂದ ಪಿಎನ್‌ಜಿಗೆ ವರ್ಗಾಯಿಸಿ
ಎಲ್‌ಪಿಜಿ ಸಿಲಿಂಡರ್ ಬದಲಿಗೆ ಪೈಪ್ಡ್ ನ್ಯಾಚುರಲ್ ಗ್ಯಾಸ್ (ಪಿಎನ್‌ಜಿ) ಸಂಪರ್ಕ ಪಡೆಯುವಂತೆ ಗ್ರಾಹಕರಿಗೆ ಸಲಹೆ ನೀಡಲಾಗಿದೆ. ಪಿಎನ್‌ಜಿ ಸುರಕ್ಷಿತ ಹಾಗೂ ಕಡಿಮೆ ವೆಚ್ಚದ ಇಂಧನವಾಗಿದ್ದು, ನಿರಂತರ ಪೂರೈಕೆ ಲಭ್ಯವಿದೆ. ನಗರದ ಹಲವು ಬಡಾವಣೆಗಳಲ್ಲಿ ಪಿಎನ್‌ಜಿ ಸಂಪರ್ಕ ಕಾಮಗಾರಿ ಪ್ರಗತಿಯಲ್ಲಿದೆ. ಗ್ರಾಹಕರು ಆನ್‌ಲೈನ್ ಮೂಲಕ ಅರ್ಜಿ ಸಲ್ಲಿಸಬಹುದು ಎಂದು ಅಧಿಕಾರಿಗಳು ತಿಳಿಸಿದ್ದಾರೆ.
